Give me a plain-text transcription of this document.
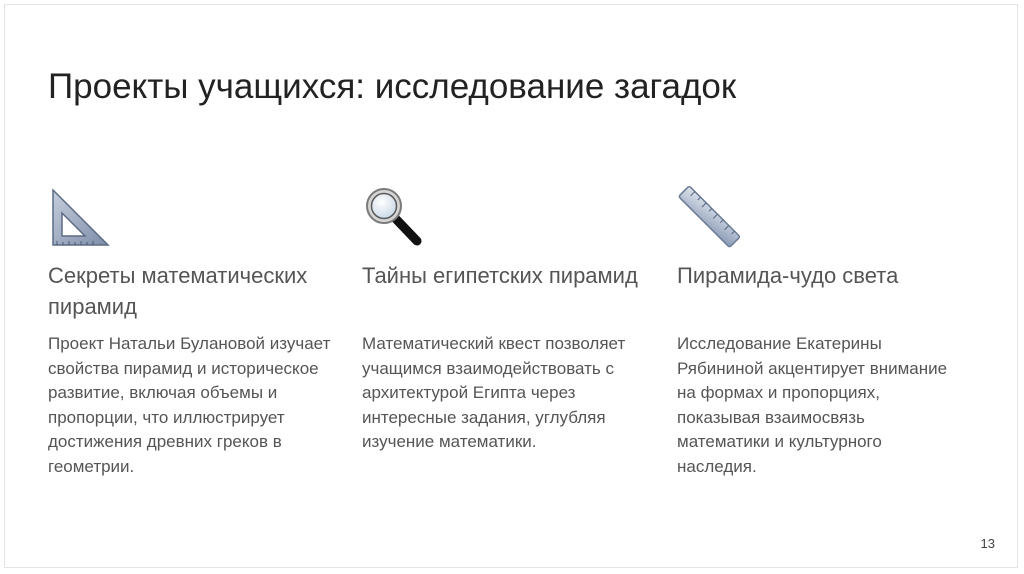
Проекты учащихся: исследование загадок
Секреты математических пирамид
Проект Натальи Булановой изучает свойства пирамид и историческое развитие, включая объемы и пропорции, что иллюстрирует достижения древних греков в геометрии.
Тайны египетских пирамид
Математический квест позволяет учащимся взаимодействовать с архитектурой Египта через интересные задания, углубляя изучение математики.
Пирамида-чудо света
Исследование Екатерины Рябининой акцентирует внимание на формах и пропорциях, показывая взаимосвязь математики и культурного наследия.
13
